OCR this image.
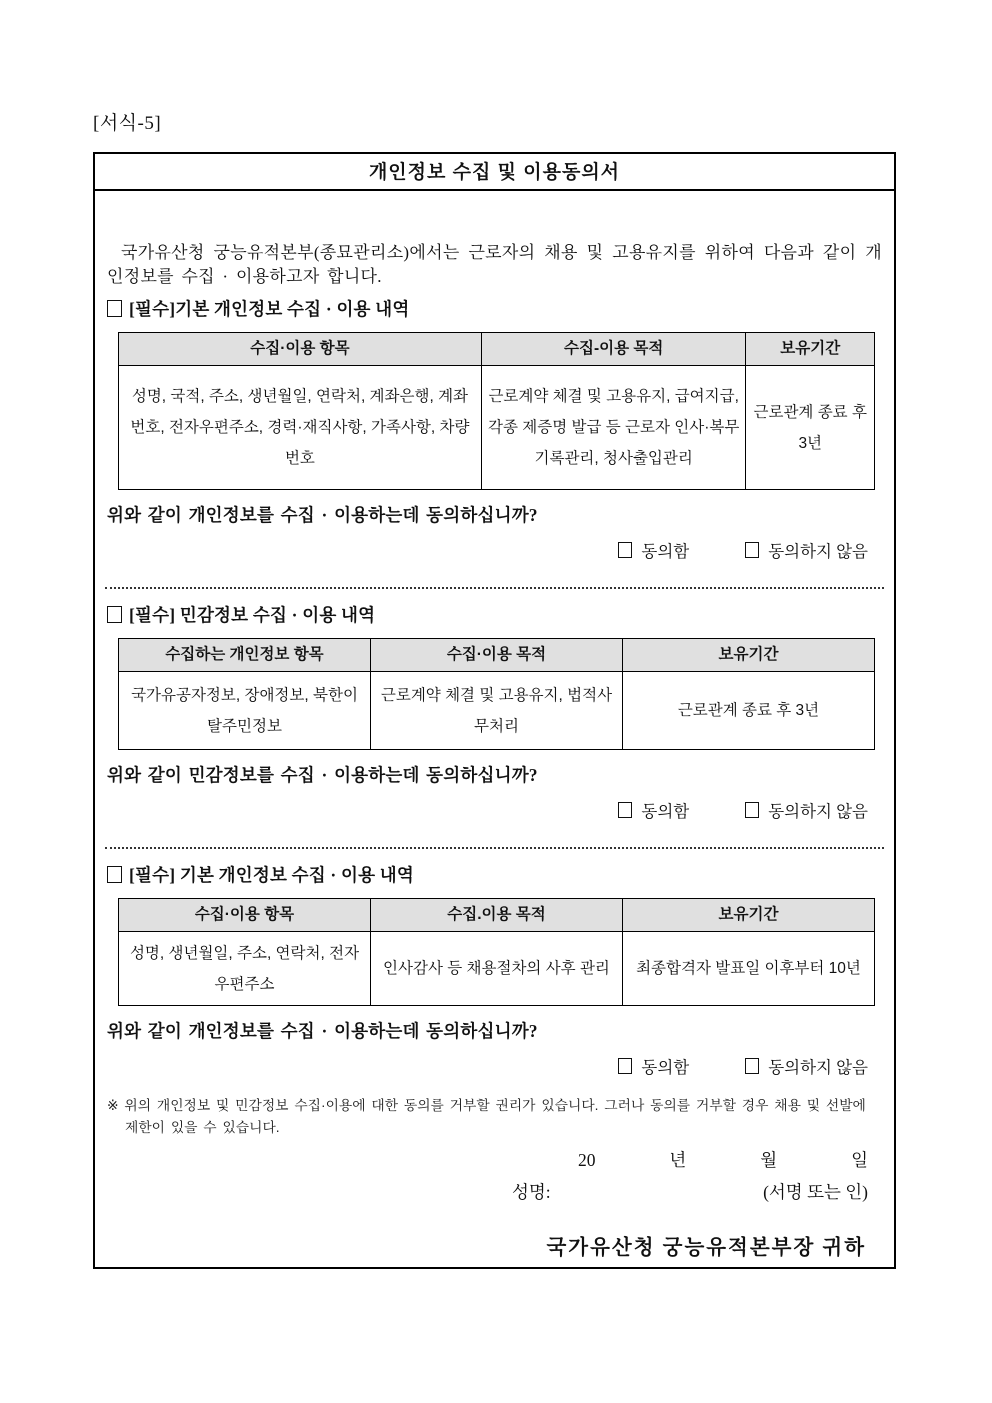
[서식-5]
개인정보 수집 및 이용동의서

국가유산청 궁능유적본부(종묘관리소)에서는 근로자의 채용 및 고용유지를 위하여 다음과 같이 개인정보를 수집 · 이용하고자 합니다.

[필수]기본 개인정보 수집 · 이용 내역
수집·이용 항목	수집-이용 목적	보유기간
성명, 국적, 주소, 생년월일, 연락처, 계좌은행, 계좌번호, 전자우편주소, 경력·재직사항, 가족사항, 차량번호	근로계약 체결 및 고용유지, 급여지급, 각종 제증명 발급 등 근로자 인사·복무 기록관리, 청사출입관리	근로관계 종료 후 3년
위와 같이 개인정보를 수집 · 이용하는데 동의하십니까?
동의함	동의하지 않음
[필수] 민감정보 수집 · 이용 내역
수집하는 개인정보 항목	수집·이용 목적	보유기간
국가유공자정보, 장애정보, 북한이탈주민정보	근로계약 체결 및 고용유지, 법적사무처리	근로관계 종료 후 3년
위와 같이 민감정보를 수집 · 이용하는데 동의하십니까?
동의함	동의하지 않음
[필수] 기본 개인정보 수집 · 이용 내역
수집·이용 항목	수집.이용 목적	보유기간
성명, 생년월일, 주소, 연락처, 전자우편주소	인사감사 등 채용절차의 사후 관리	최종합격자 발표일 이후부터 10년
위와 같이 개인정보를 수집 · 이용하는데 동의하십니까?
동의함	동의하지 않음

※ 위의 개인정보 및 민감정보 수집·이용에 대한 동의를 거부할 권리가 있습니다. 그러나 동의를 거부할 경우 채용 및 선발에 제한이 있을 수 있습니다.

20	년	월	일
성명:	(서명 또는 인)
국가유산청 궁능유적본부장 귀하
